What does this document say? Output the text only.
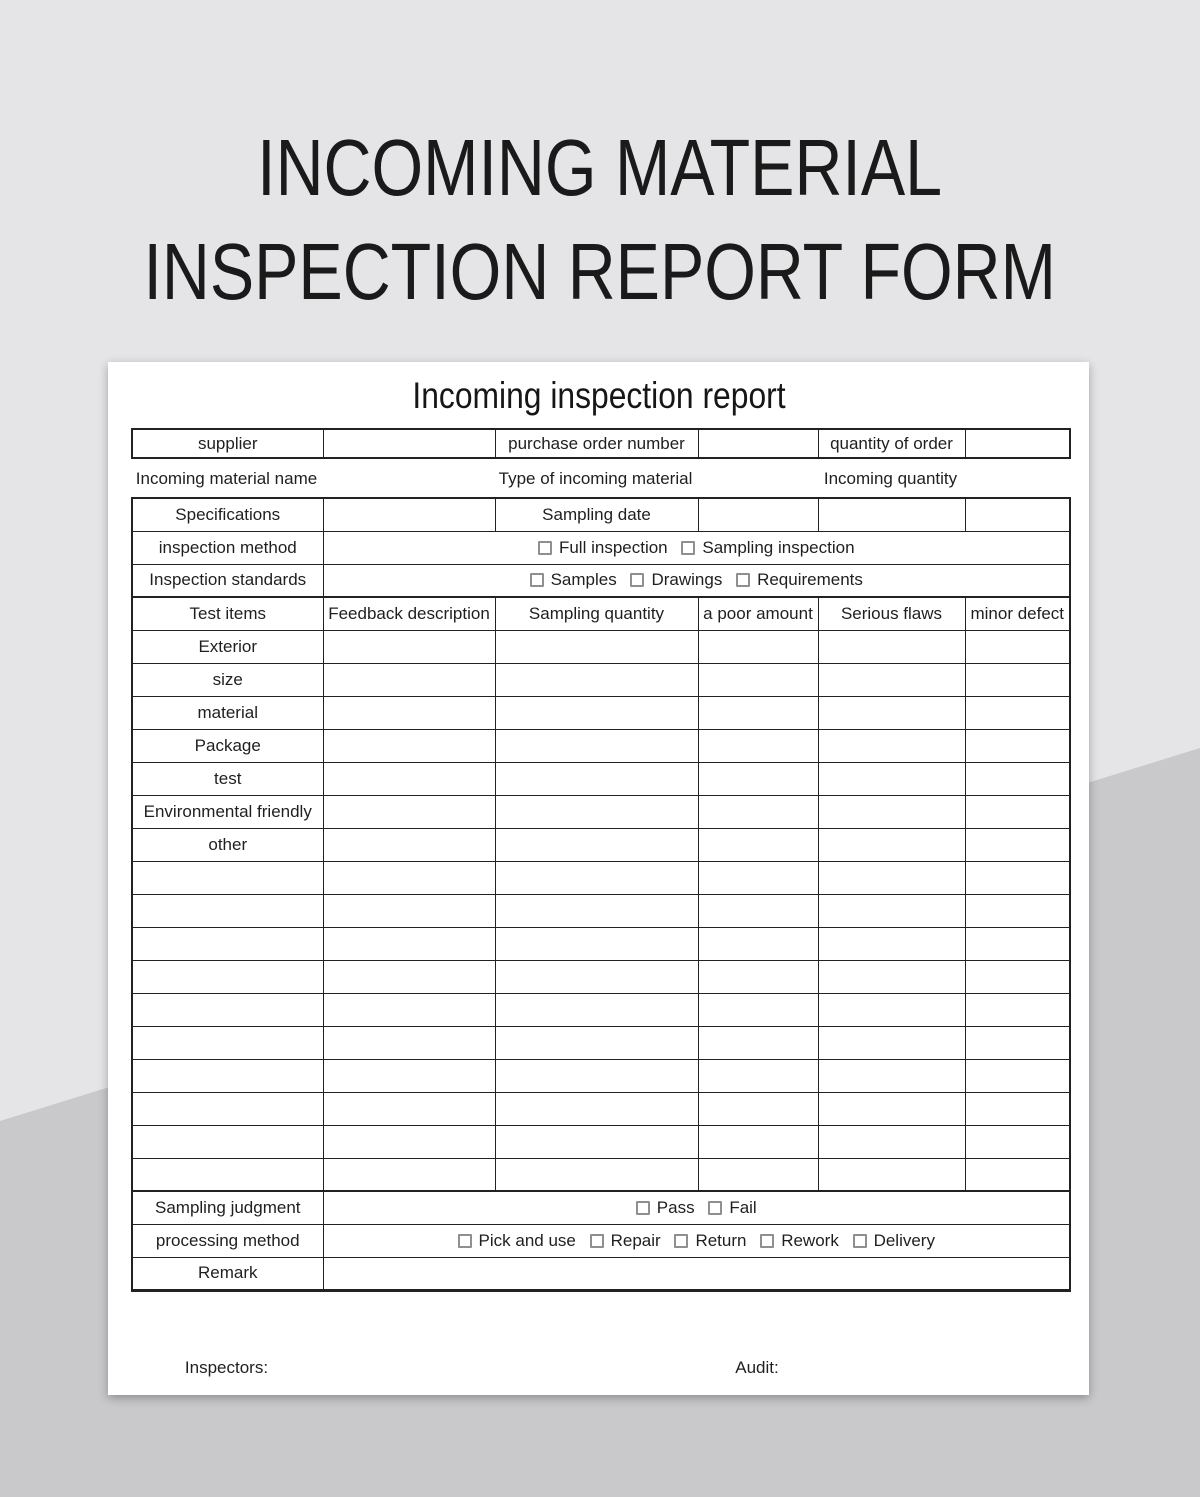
INCOMING MATERIAL
INSPECTION REPORT FORM
Incoming inspection report
supplier		purchase order number		quantity of order	
Incoming material name	Type of incoming material	Incoming quantity
Specifications		Sampling date			
inspection method	Full inspection Sampling inspection				
Inspection standards	Samples Drawings Requirements				
Test items	Feedback description	Sampling quantity	a poor amount	Serious flaws	minor defect
Exterior					
size					
material					
Package					
test					
Environmental friendly					
other					

Sampling judgment	Pass Fail				
processing method	Pick and use Repair Return Rework Delivery				
Remark					
Inspectors:	Audit:
